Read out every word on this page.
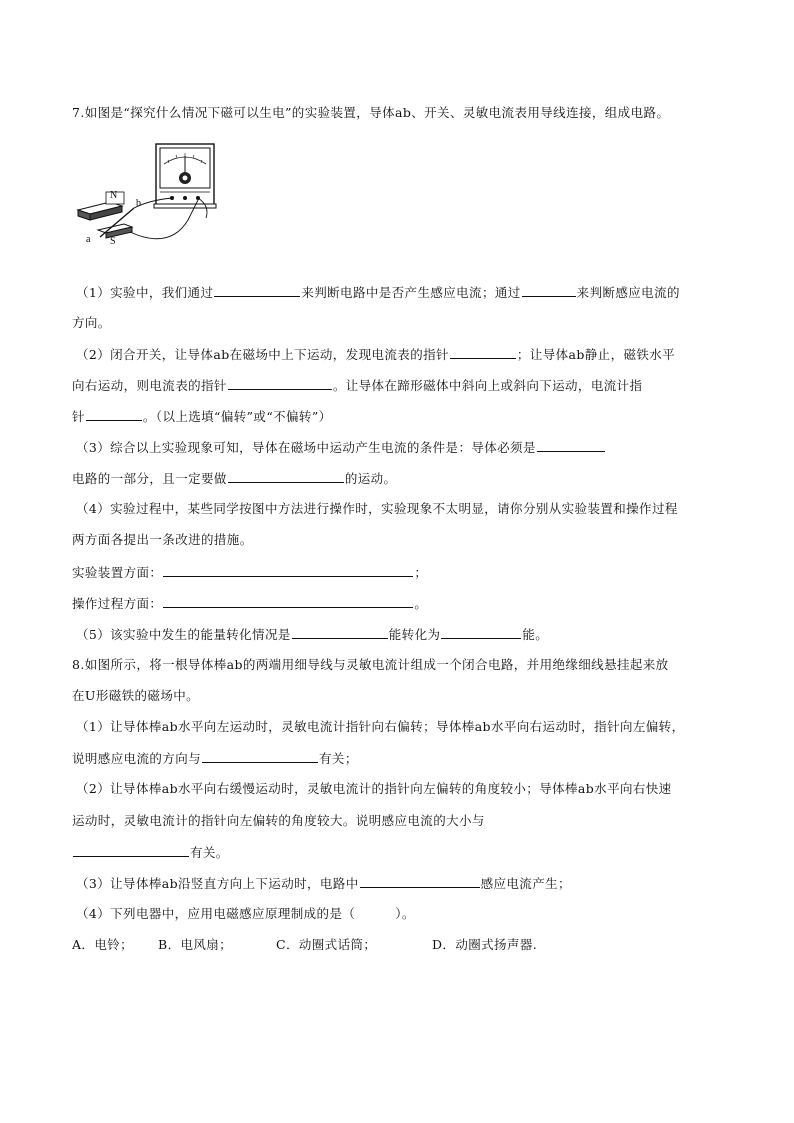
7.如图是“探究什么情况下磁可以生电”的实验装置，导体ab、开关、灵敏电流表用导线连接，组成电路。
N
S
a
b
（1）实验中，我们通过	来判断电路中是否产生感应电流；通过	来判断感应电流的
方向。
（2）闭合开关，让导体ab在磁场中上下运动，发现电流表的指针	；让导体ab静止，磁铁水平
向右运动，则电流表的指针	。让导体在蹄形磁体中斜向上或斜向下运动，电流计指
针	。（以上选填“偏转”或“不偏转”）
（3）综合以上实验现象可知，导体在磁场中运动产生电流的条件是：导体必须是
电路的一部分，且一定要做	的运动。
（4）实验过程中，某些同学按图中方法进行操作时，实验现象不太明显，请你分别从实验装置和操作过程
两方面各提出一条改进的措施。
实验装置方面：	；
操作过程方面：	。
（5）该实验中发生的能量转化情况是	能转化为	能。
8.如图所示，将一根导体棒ab的两端用细导线与灵敏电流计组成一个闭合电路，并用绝缘细线悬挂起来放
在U形磁铁的磁场中。
（1）让导体棒ab水平向左运动时，灵敏电流计指针向右偏转；导体棒ab水平向右运动时，指针向左偏转，
说明感应电流的方向与	有关；
（2）让导体棒ab水平向右缓慢运动时，灵敏电流计的指针向左偏转的角度较小；导体棒ab水平向右快速
运动时，灵敏电流计的指针向左偏转的角度较大。说明感应电流的大小与
有关。
（3）让导体棒ab沿竖直方向上下运动时，电路中	感应电流产生；
（4）下列电器中，应用电磁感应原理制成的是（	）。
A．电铃； B．电风扇；	C．动圈式话筒；	D．动圈式扬声器.
